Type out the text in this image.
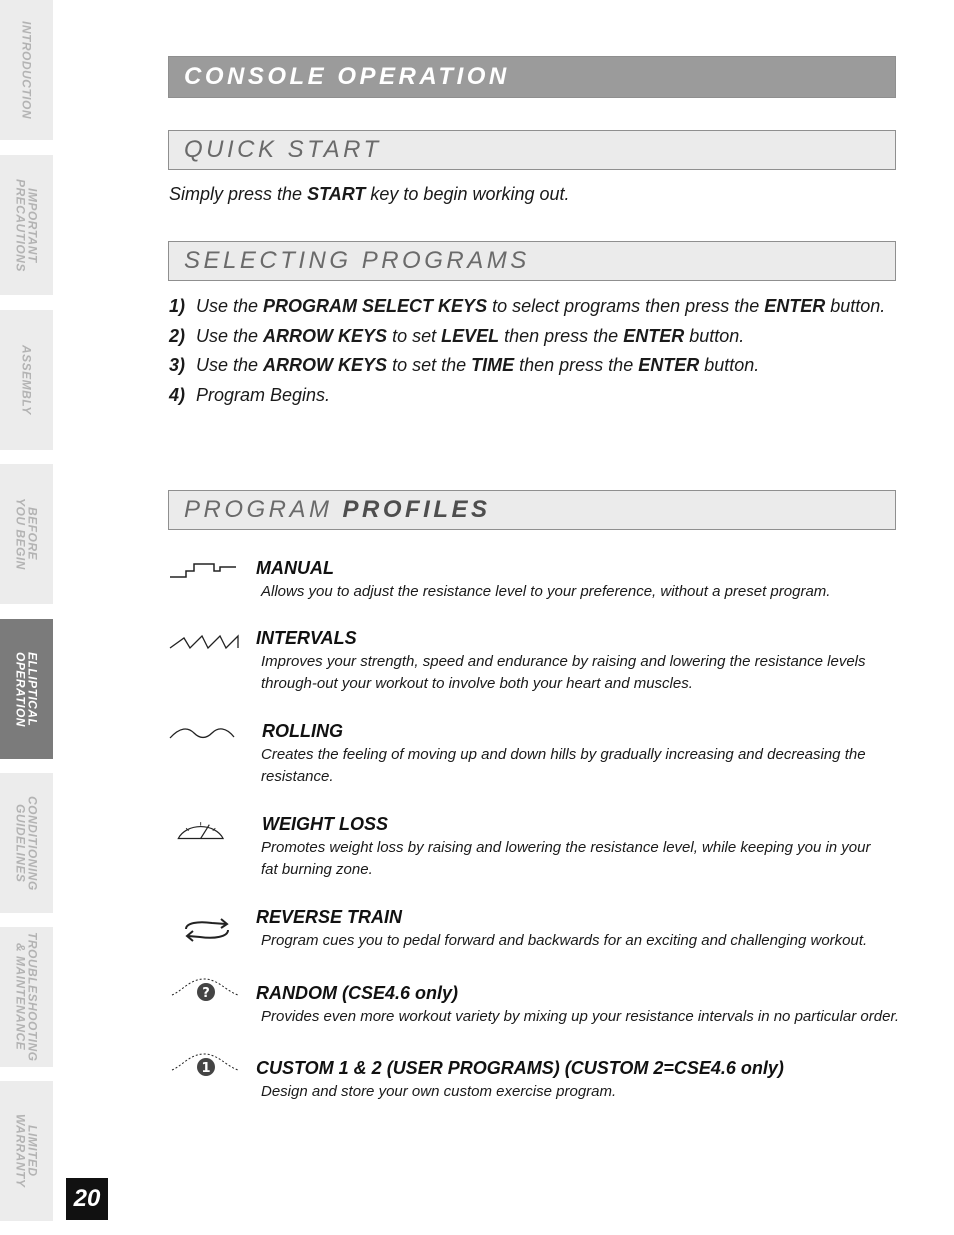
INTRODUCTION
IMPORTANT
PRECAUTIONS
ASSEMBLY
BEFORE
YOU BEGIN
ELLIPTICAL
OPERATION
CONDITIONING
GUIDELINES
TROUBLESHOOTING
& MAINTENANCE
LIMITED
WARRANTY
20
CONSOLE OPERATION
QUICK START
Simply press the START key to begin working out.
SELECTING PROGRAMS
1) Use the PROGRAM SELECT KEYS to select programs then press the ENTER button.
2) Use the ARROW KEYS to set LEVEL then press the ENTER button.
3) Use the ARROW KEYS to set the TIME then press the ENTER button.
4) Program Begins.
PROGRAM PROFILES
MANUAL
Allows you to adjust the resistance level to your preference, without a preset program.
INTERVALS
Improves your strength, speed and endurance by raising and lowering the resistance levels through-out your workout to involve both your heart and muscles.
ROLLING
Creates the feeling of moving up and down hills by gradually increasing and decreasing the resistance.
WEIGHT LOSS
Promotes weight loss by raising and lowering the resistance level, while keeping you in your fat burning zone.
REVERSE TRAIN
Program cues you to pedal forward and backwards for an exciting and challenging workout.
?	RANDOM (CSE4.6 only)
Provides even more workout variety by mixing up your resistance intervals in no particular order.
1	CUSTOM 1 & 2 (USER PROGRAMS) (CUSTOM 2=CSE4.6 only)
Design and store your own custom exercise program.
